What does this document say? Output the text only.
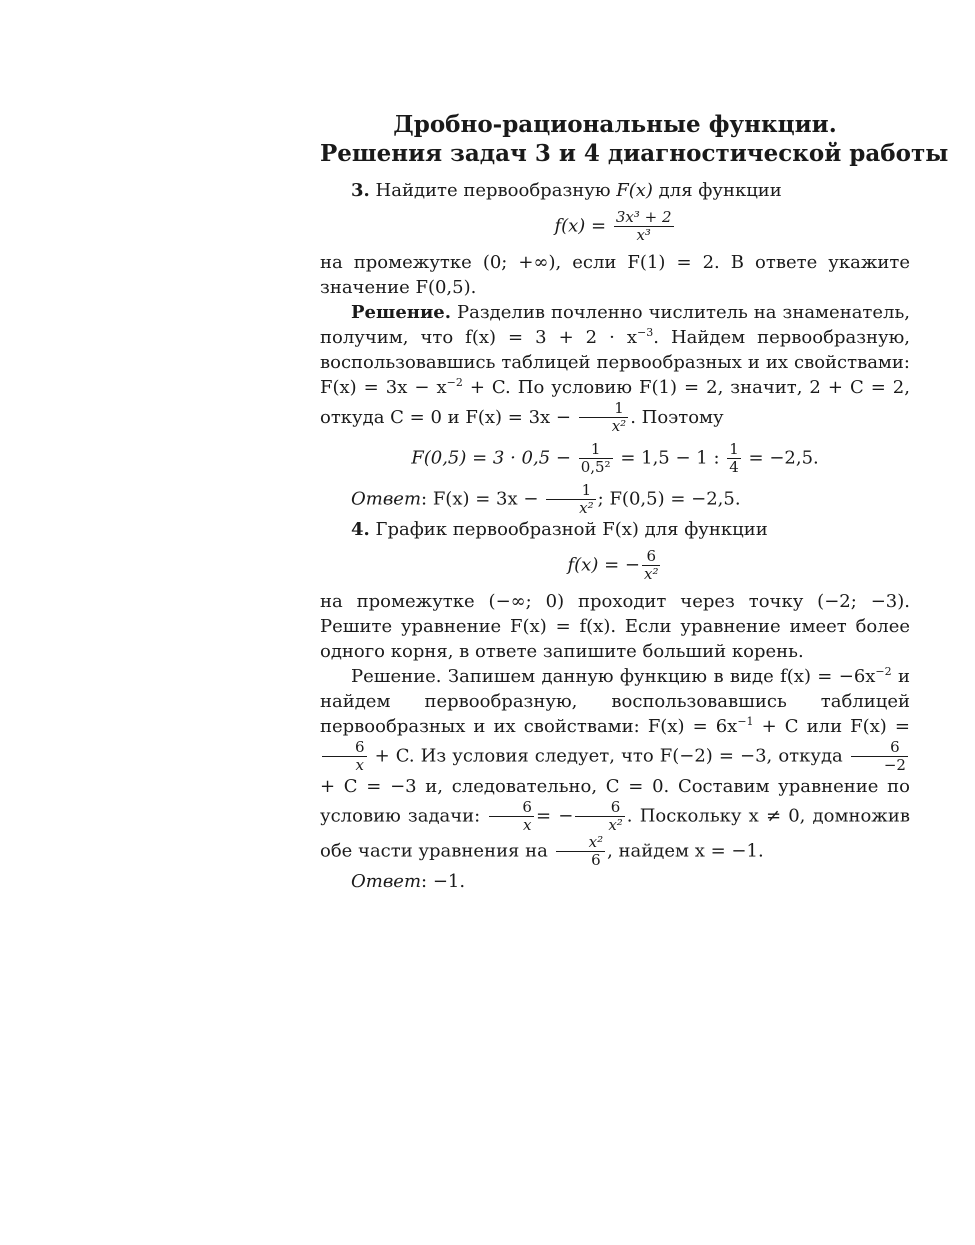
Дробно-рациональные функции.
Решения задач 3 и 4 диагностической работы

3. Найдите первообразную F(x) для функции

$f(x) = \frac{\text{3x³ + 2}}{\text{x³}}$

на промежутке (0; +∞), если F(1) = 2. В ответе укажите значение F(0,5).

Решение. Разделив почленно числитель на знаменатель, получим, что $f(x) = 3 + 2 \cdot x^{-3}$. Найдем первообразную, воспользовавшись таблицей первообразных и их свойствами: $F(x) = 3x - x^{-2} + C$. По условию F(1) = 2, значит, 2 + C = 2, откуда C = 0 и $F(x) = 3x - \frac{1}{\text{x²}}$ . Поэтому

$F(0,5) = 3 \cdot 0,5 - \frac{1}{\text{0,5²}} = 1,5 - 1$ : $\frac{1}{4} = -2,5$.

Ответ: $F(x) = 3x - \frac{1}{\text{x²}}$ ; F(0,5) = −2,5.

4. График первообразной F(x) для функции

f(x) = − $\frac{6}{\text{x²}}$

на промежутке (−∞; 0) проходит через точку (−2; −3). Решите уравнение F(x) = f(x). Если уравнение имеет более одного корня, в ответе запишите больший корень.

Решение. Запишем данную функцию в виде $f(x) = -6x^{-2}$ и найдем первообразную, воспользовавшись таблицей первообразных и их свойствами: $F(x) = 6x^{-1} + C$ или F(x) =
$\frac{6}{x} + C$. Из условия следует, что F(−2) = −3, откуда $\frac{6}{-2}$
+ C = −3 и, следовательно, C = 0. Составим уравнение по условию задачи: $\frac{6}{x}$ = − $\frac{6}{\text{x²}}$ . Поскольку x ≠ 0, домножив обе части уравнения на $\frac{\text{x²}}{6}$ , найдем x = −1.

Ответ: −1.
